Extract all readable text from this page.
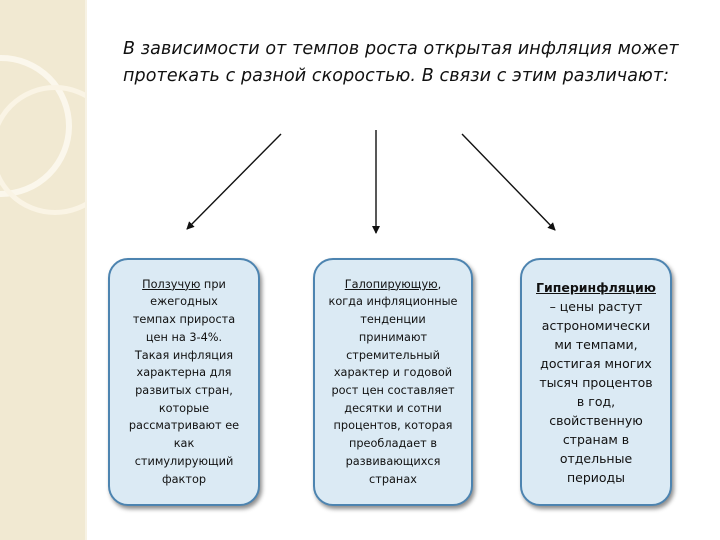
В зависимости от темпов роста открытая инфляция может протекать с разной скоростью. В связи с этим различают:
Ползучую при
ежегодных
темпах прироста
цен на 3-4%.
Такая инфляция
характерна для
развитых стран,
которые
рассматривают ее
как
стимулирующий
фактор
Галопирующую,
когда инфляционные
тенденции
принимают
стремительный
характер и годовой
рост цен составляет
десятки и сотни
процентов, которая
преобладает в
развивающихся
странах
Гиперинфляцию
– цены растут
астрономически
ми темпами,
достигая многих
тысяч процентов
в год,
свойственную
странам в
отдельные
периоды
